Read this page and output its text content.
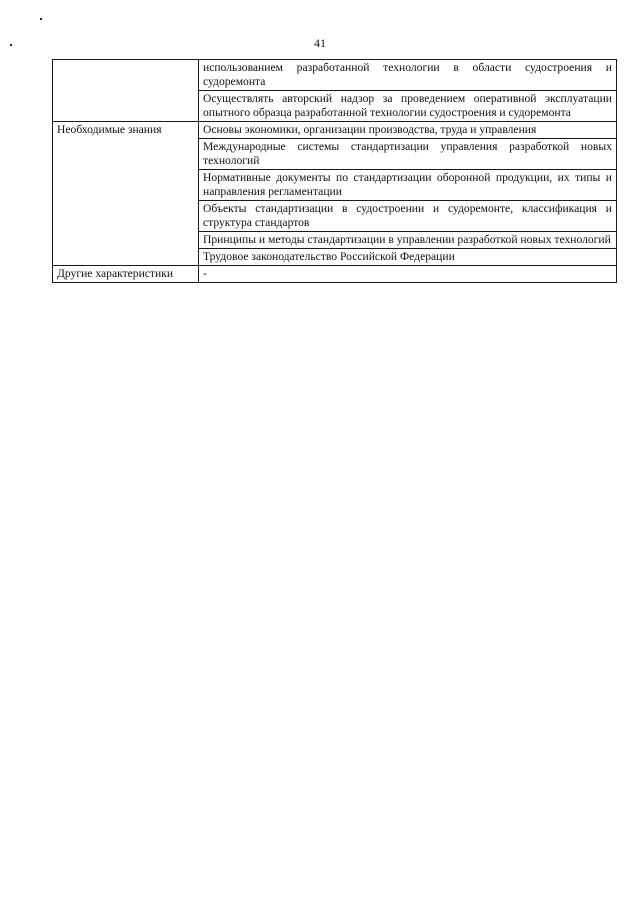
41
	использованием разработанной технологии в области судостроения и судоремонта
	Осуществлять авторский надзор за проведением оперативной эксплуатации опытного образца разработанной технологии судостроения и судоремонта
Необходимые знания	Основы экономики, организации производства, труда и управления
	Международные системы стандартизации управления разработкой новых технологий
	Нормативные документы по стандартизации оборонной продукции, их типы и направления регламентации
	Объекты стандартизации в судостроении и судоремонте, классификация и структура стандартов
	Принципы и методы стандартизации в управлении разработкой новых технологий
	Трудовое законодательство Российской Федерации
Другие характеристики	-
